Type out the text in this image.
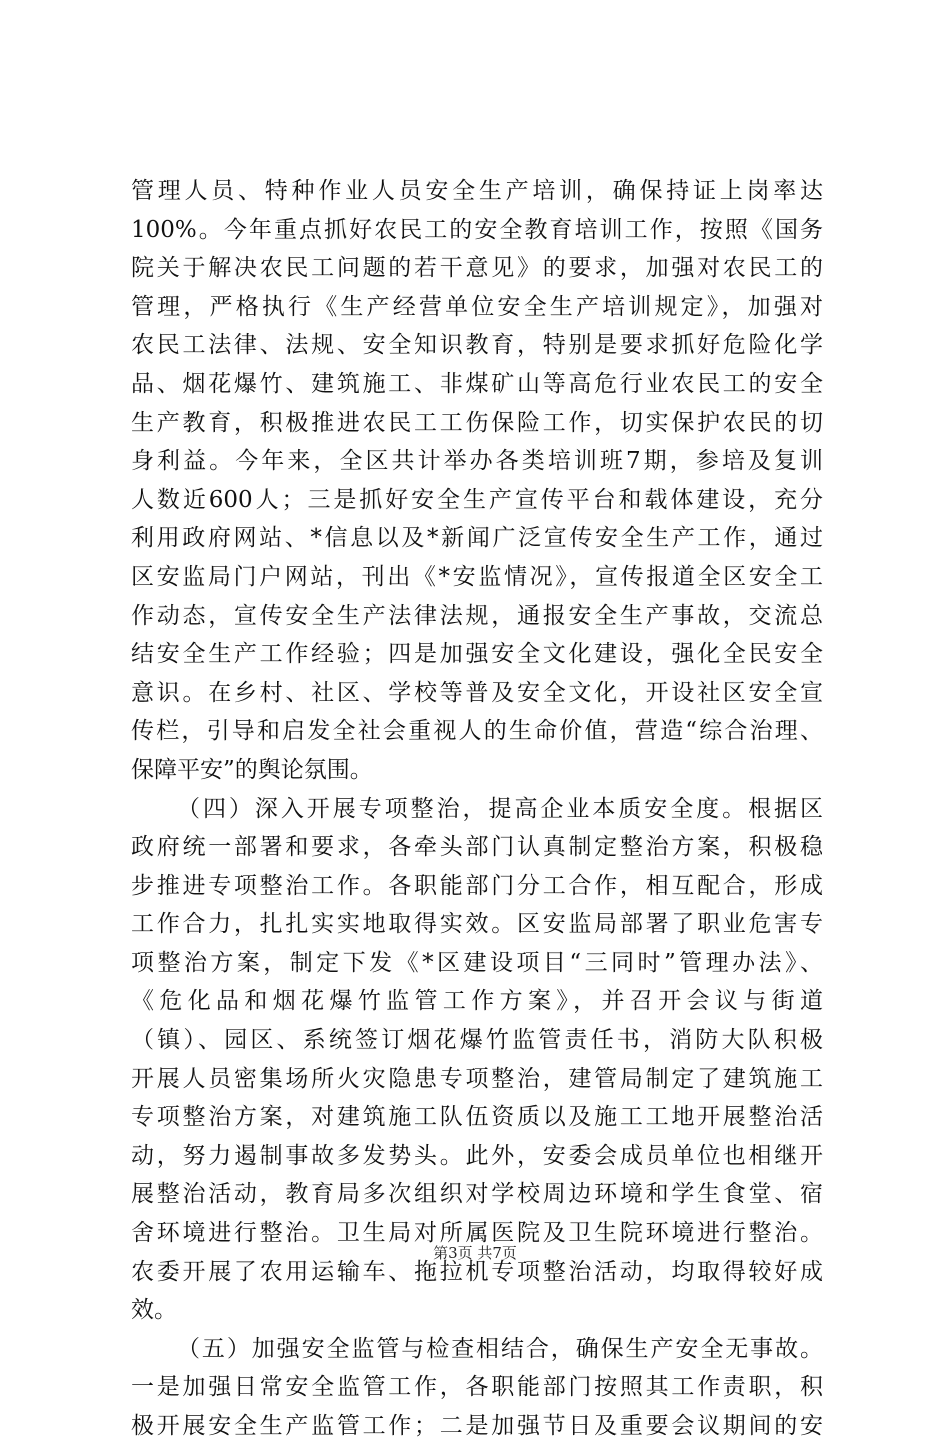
管理人员、特种作业人员安全生产培训，确保持证上岗率达
100%。今年重点抓好农民工的安全教育培训工作，按照《国务
院关于解决农民工问题的若干意见》的要求，加强对农民工的
管理，严格执行《生产经营单位安全生产培训规定》，加强对
农民工法律、法规、安全知识教育，特别是要求抓好危险化学
品、烟花爆竹、建筑施工、非煤矿山等高危行业农民工的安全
生产教育，积极推进农民工工伤保险工作，切实保护农民的切
身利益。今年来，全区共计举办各类培训班7期，参培及复训
人数近600人；三是抓好安全生产宣传平台和载体建设，充分
利用政府网站、*信息以及*新闻广泛宣传安全生产工作，通过
区安监局门户网站，刊出《*安监情况》，宣传报道全区安全工
作动态，宣传安全生产法律法规，通报安全生产事故，交流总
结安全生产工作经验；四是加强安全文化建设，强化全民安全
意识。在乡村、社区、学校等普及安全文化，开设社区安全宣
传栏，引导和启发全社会重视人的生命价值，营造“综合治理、
保障平安”的舆论氛围。
（四）深入开展专项整治，提高企业本质安全度。根据区
政府统一部署和要求，各牵头部门认真制定整治方案，积极稳
步推进专项整治工作。各职能部门分工合作，相互配合，形成
工作合力，扎扎实实地取得实效。区安监局部署了职业危害专
项整治方案，制定下发《*区建设项目“三同时”管理办法》、
《危化品和烟花爆竹监管工作方案》，并召开会议与街道
（镇）、园区、系统签订烟花爆竹监管责任书，消防大队积极
开展人员密集场所火灾隐患专项整治，建管局制定了建筑施工
专项整治方案，对建筑施工队伍资质以及施工工地开展整治活
动，努力遏制事故多发势头。此外，安委会成员单位也相继开
展整治活动，教育局多次组织对学校周边环境和学生食堂、宿
舍环境进行整治。卫生局对所属医院及卫生院环境进行整治。
农委开展了农用运输车、拖拉机专项整治活动，均取得较好成
效。
（五）加强安全监管与检查相结合，确保生产安全无事故。
一是加强日常安全监管工作，各职能部门按照其工作责职，积
极开展安全生产监管工作；二是加强节日及重要会议期间的安
第3页 共7页
